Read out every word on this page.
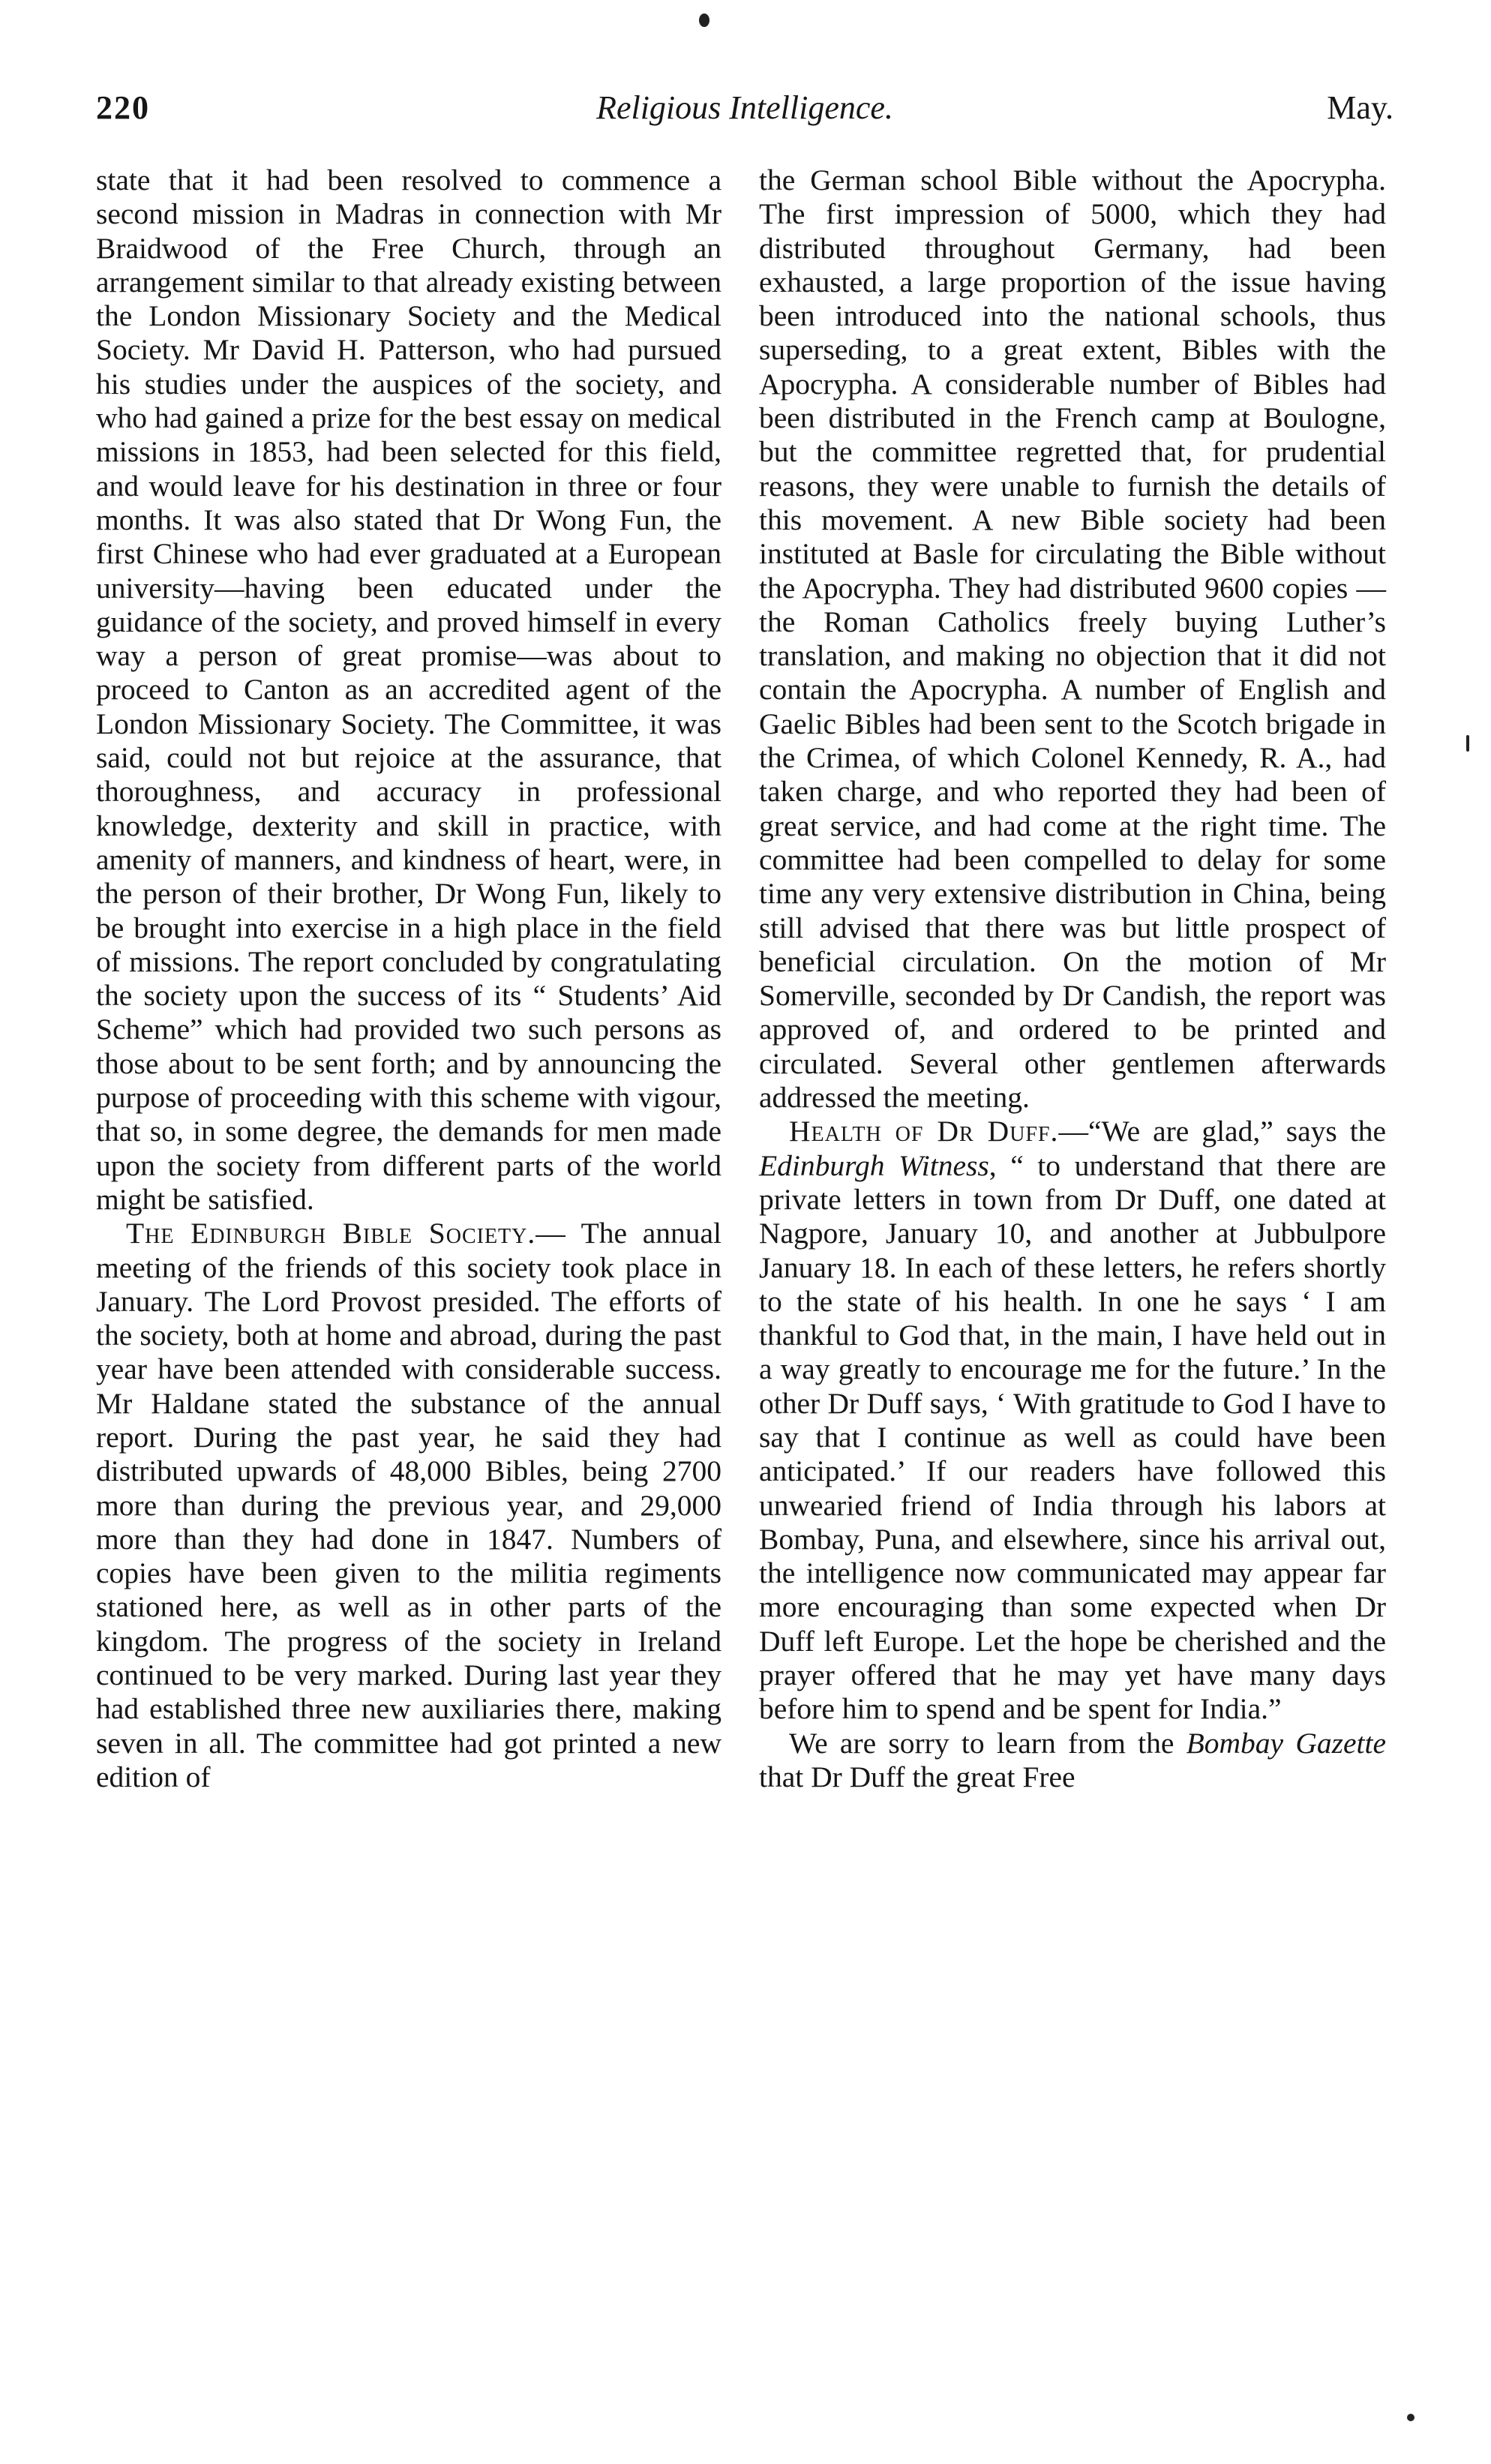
220	Religious Intelligence.	May.

state that it had been resolved to commence a second mission in Madras in connection with Mr Braidwood of the Free Church, through an arrangement similar to that already existing between the London Missionary Society and the Medical Society. Mr David H. Patterson, who had pursued his studies under the auspices of the society, and who had gained a prize for the best essay on medical missions in 1853, had been selected for this field, and would leave for his destination in three or four months. It was also stated that Dr Wong Fun, the first Chinese who had ever graduated at a European university—having been educated under the guidance of the society, and proved himself in every way a person of great promise—was about to proceed to Canton as an accredited agent of the London Missionary Society. The Committee, it was said, could not but rejoice at the assurance, that thoroughness, and accuracy in professional knowledge, dexterity and skill in practice, with amenity of manners, and kindness of heart, were, in the person of their brother, Dr Wong Fun, likely to be brought into exercise in a high place in the field of missions. The report concluded by congratulating the society upon the success of its “ Students’ Aid Scheme” which had provided two such persons as those about to be sent forth; and by announcing the purpose of proceeding with this scheme with vigour, that so, in some degree, the demands for men made upon the society from different parts of the world might be satisfied.

The Edinburgh Bible Society.— The annual meeting of the friends of this society took place in January. The Lord Provost presided. The efforts of the society, both at home and abroad, during the past year have been attended with considerable success. Mr Haldane stated the substance of the annual report. During the past year, he said they had distributed upwards of 48,000 Bibles, being 2700 more than during the previous year, and 29,000 more than they had done in 1847. Numbers of copies have been given to the militia regiments stationed here, as well as in other parts of the kingdom. The progress of the society in Ireland continued to be very marked. During last year they had established three new auxiliaries there, making seven in all. The committee had got printed a new edition of

the German school Bible without the Apocrypha. The first impression of 5000, which they had distributed throughout Germany, had been exhausted, a large proportion of the issue having been introduced into the national schools, thus superseding, to a great extent, Bibles with the Apocrypha. A considerable number of Bibles had been distributed in the French camp at Boulogne, but the committee regretted that, for prudential reasons, they were unable to furnish the details of this movement. A new Bible society had been instituted at Basle for circulating the Bible without the Apocrypha. They had distributed 9600 copies —the Roman Catholics freely buying Luther’s translation, and making no objection that it did not contain the Apocrypha. A number of English and Gaelic Bibles had been sent to the Scotch brigade in the Crimea, of which Colonel Kennedy, R. A., had taken charge, and who reported they had been of great service, and had come at the right time. The committee had been compelled to delay for some time any very extensive distribution in China, being still advised that there was but little prospect of beneficial circulation. On the motion of Mr Somerville, seconded by Dr Candish, the report was approved of, and ordered to be printed and circulated. Several other gentlemen afterwards addressed the meeting.

Health of Dr Duff.—“We are glad,” says the Edinburgh Witness, “ to understand that there are private letters in town from Dr Duff, one dated at Nagpore, January 10, and another at Jubbulpore January 18. In each of these letters, he refers shortly to the state of his health. In one he says ‘ I am thankful to God that, in the main, I have held out in a way greatly to encourage me for the future.’ In the other Dr Duff says, ‘ With gratitude to God I have to say that I continue as well as could have been anticipated.’ If our readers have followed this unwearied friend of India through his labors at Bombay, Puna, and elsewhere, since his arrival out, the intelligence now communicated may appear far more encouraging than some expected when Dr Duff left Europe. Let the hope be cherished and the prayer offered that he may yet have many days before him to spend and be spent for India.”

We are sorry to learn from the Bombay Gazette that Dr Duff the great Free
